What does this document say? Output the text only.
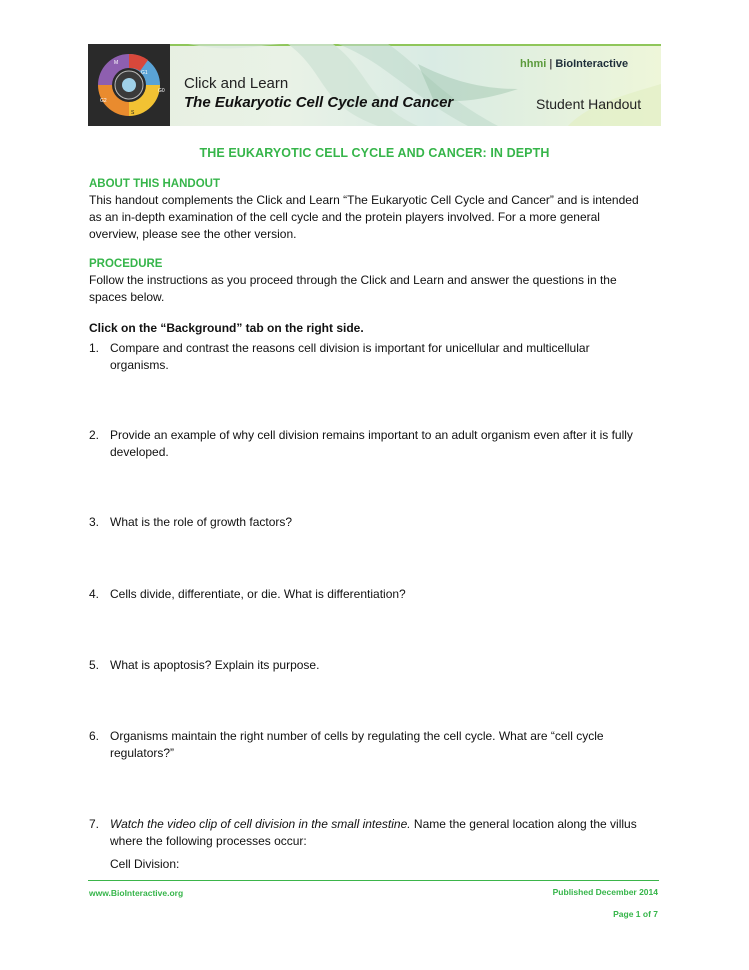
M
G1
G0
G2
S
Click and Learn
The Eukaryotic Cell Cycle and Cancer
hhmi | BioInteractive
Student Handout
THE EUKARYOTIC CELL CYCLE AND CANCER: IN DEPTH
ABOUT THIS HANDOUT

This handout complements the Click and Learn “The Eukaryotic Cell Cycle and Cancer” and is intended
as an in-depth examination of the cell cycle and the protein players involved. For a more general
overview, please see the other version.

PROCEDURE

Follow the instructions as you proceed through the Click and Learn and answer the questions in the
spaces below.

Click on the “Background” tab on the right side.
1. Compare and contrast the reasons cell division is important for unicellular and multicellular
organisms.
2. Provide an example of why cell division remains important to an adult organism even after it is fully
developed.
3. What is the role of growth factors?
4. Cells divide, differentiate, or die. What is differentiation?
5. What is apoptosis? Explain its purpose.
6. Organisms maintain the right number of cells by regulating the cell cycle. What are “cell cycle
regulators?”
7. Watch the video clip of cell division in the small intestine. Name the general location along the villus
where the following processes occur:
Cell Division:
www.BioInteractive.org	Published December 2014
Page 1 of 7
